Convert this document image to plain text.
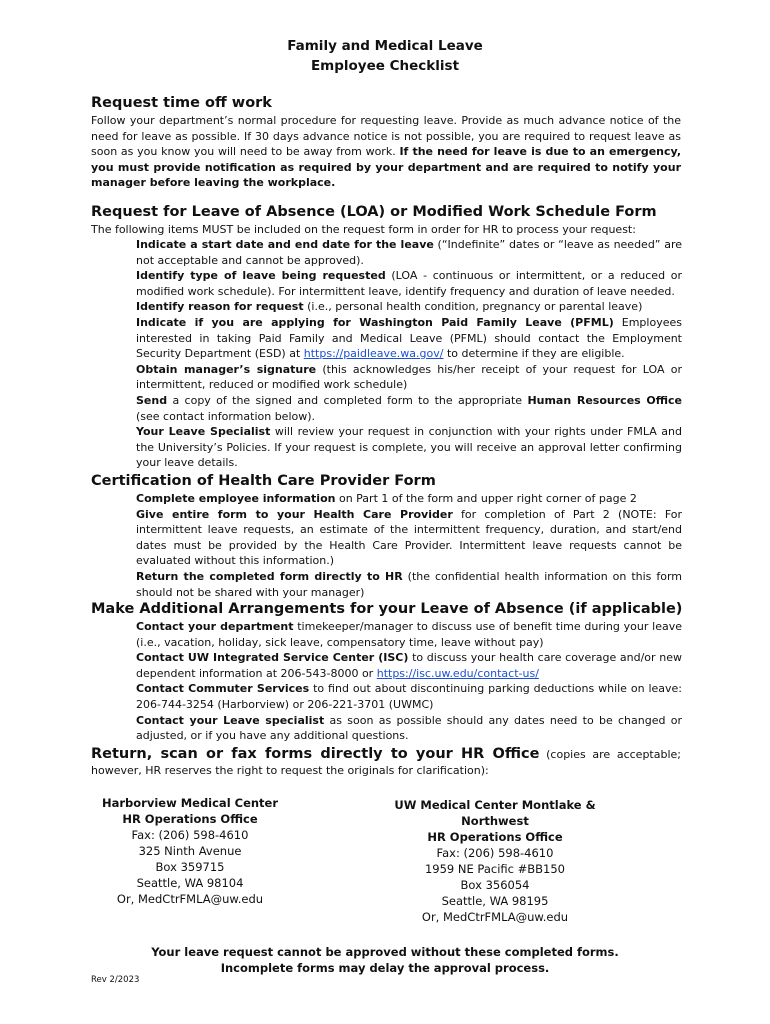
Family and Medical Leave
Employee Checklist
Request time off work
Follow your department’s normal procedure for requesting leave. Provide as much advance notice of the need for leave as possible. If 30 days advance notice is not possible, you are required to request leave as soon as you know you will need to be away from work. If the need for leave is due to an emergency, you must provide notification as required by your department and are required to notify your manager before leaving the workplace.
Request for Leave of Absence (LOA) or Modified Work Schedule Form
The following items MUST be included on the request form in order for HR to process your request:
Indicate a start date and end date for the leave (“Indefinite” dates or “leave as needed” are not acceptable and cannot be approved).
Identify type of leave being requested (LOA - continuous or intermittent, or a reduced or modified work schedule). For intermittent leave, identify frequency and duration of leave needed.
Identify reason for request (i.e., personal health condition, pregnancy or parental leave)
Indicate if you are applying for Washington Paid Family Leave (PFML) Employees interested in taking Paid Family and Medical Leave (PFML) should contact the Employment Security Department (ESD) at https://paidleave.wa.gov/ to determine if they are eligible.
Obtain manager’s signature (this acknowledges his/her receipt of your request for LOA or intermittent, reduced or modified work schedule)
Send a copy of the signed and completed form to the appropriate Human Resources Office (see contact information below).
Your Leave Specialist will review your request in conjunction with your rights under FMLA and the University’s Policies. If your request is complete, you will receive an approval letter confirming your leave details.
Certification of Health Care Provider Form
Complete employee information on Part 1 of the form and upper right corner of page 2
Give entire form to your Health Care Provider for completion of Part 2 (NOTE: For intermittent leave requests, an estimate of the intermittent frequency, duration, and start/end dates must be provided by the Health Care Provider. Intermittent leave requests cannot be evaluated without this information.)
Return the completed form directly to HR (the confidential health information on this form should not be shared with your manager)
Make Additional Arrangements for your Leave of Absence (if applicable)
Contact your department timekeeper/manager to discuss use of benefit time during your leave (i.e., vacation, holiday, sick leave, compensatory time, leave without pay)
Contact UW Integrated Service Center (ISC) to discuss your health care coverage and/or new dependent information at 206-543-8000 or https://isc.uw.edu/contact-us/
Contact Commuter Services to find out about discontinuing parking deductions while on leave: 206-744-3254 (Harborview) or 206-221-3701 (UWMC)
Contact your Leave specialist as soon as possible should any dates need to be changed or adjusted, or if you have any additional questions.
Return, scan or fax forms directly to your HR Office (copies are acceptable; however, HR reserves the right to request the originals for clarification):
Harborview Medical Center
HR Operations Office
Fax: (206) 598-4610
325 Ninth Avenue
Box 359715
Seattle, WA 98104
Or, MedCtrFMLA@uw.edu
UW Medical Center Montlake & Northwest
HR Operations Office
Fax: (206) 598-4610
1959 NE Pacific #BB150
Box 356054
Seattle, WA 98195
Or, MedCtrFMLA@uw.edu
Your leave request cannot be approved without these completed forms.
Incomplete forms may delay the approval process.
Rev 2/2023
